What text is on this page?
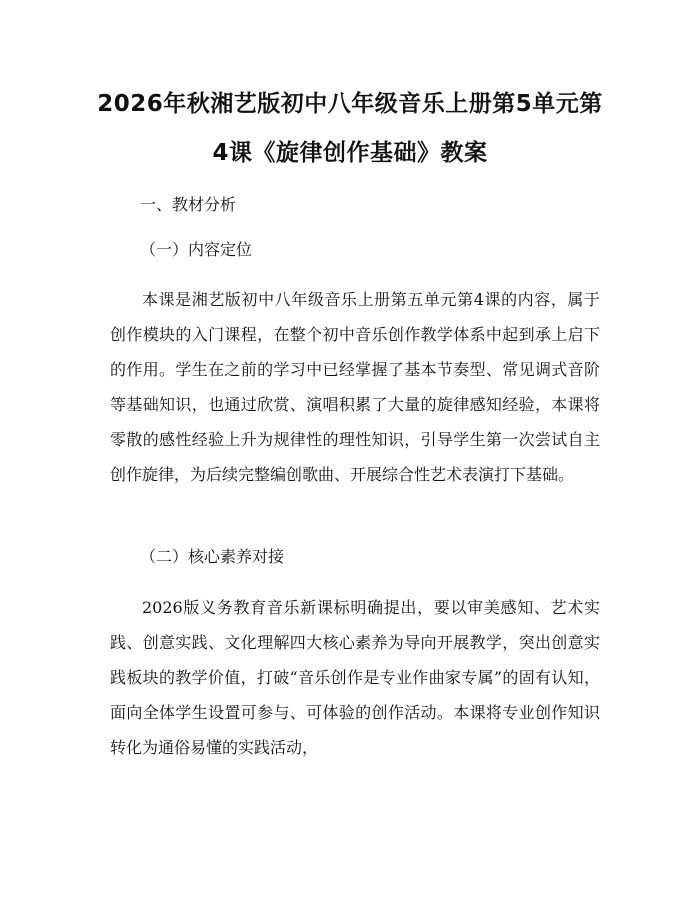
2026年秋湘艺版初中八年级音乐上册第5单元第4课《旋律创作基础》教案

一、教材分析

（一）内容定位

本课是湘艺版初中八年级音乐上册第五单元第4课的内容，属于创作模块的入门课程，在整个初中音乐创作教学体系中起到承上启下的作用。学生在之前的学习中已经掌握了基本节奏型、常见调式音阶等基础知识，也通过欣赏、演唱积累了大量的旋律感知经验，本课将零散的感性经验上升为规律性的理性知识，引导学生第一次尝试自主创作旋律，为后续完整编创歌曲、开展综合性艺术表演打下基础。

（二）核心素养对接

2026版义务教育音乐新课标明确提出，要以审美感知、艺术实践、创意实践、文化理解四大核心素养为导向开展教学，突出创意实践板块的教学价值，打破“音乐创作是专业作曲家专属”的固有认知，面向全体学生设置可参与、可体验的创作活动。本课将专业创作知识转化为通俗易懂的实践活动，
